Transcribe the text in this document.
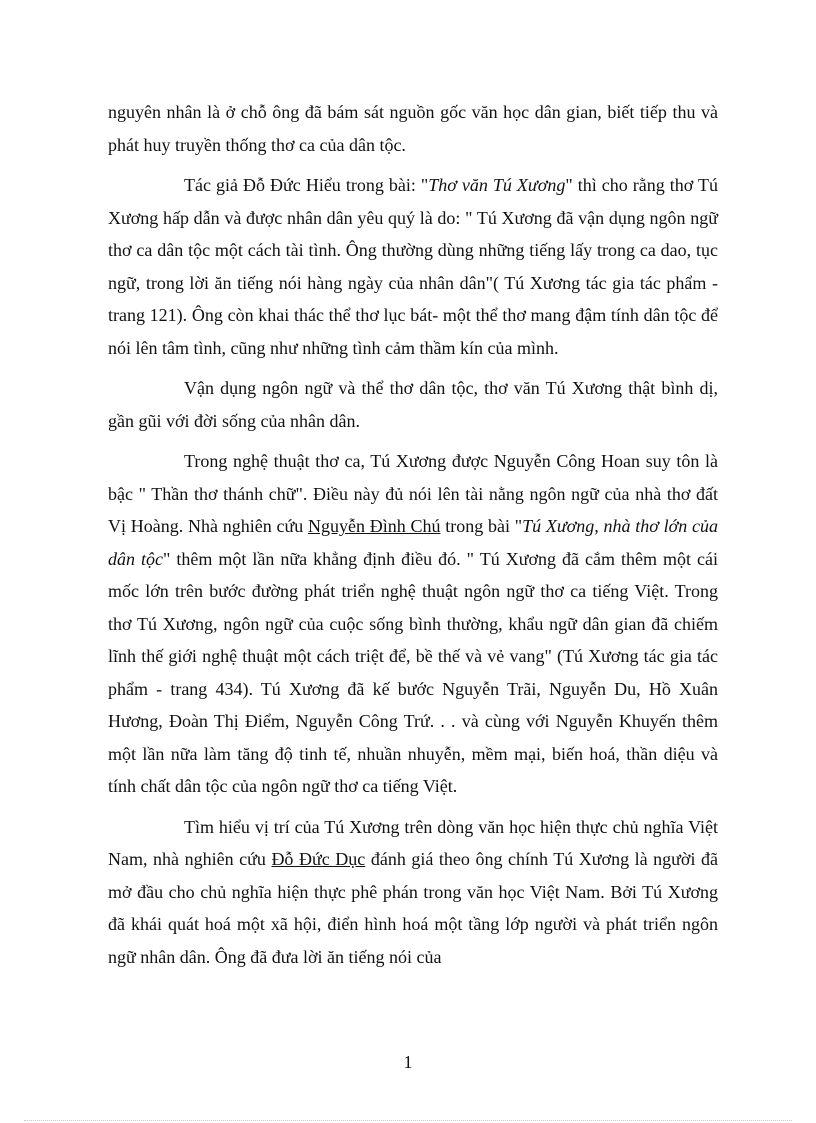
nguyên nhân là ở chỗ ông đã bám sát nguồn gốc văn học dân gian, biết tiếp thu và phát huy truyền thống thơ ca của dân tộc.

Tác giả Đỗ Đức Hiểu trong bài: "Thơ văn Tú Xương" thì cho rằng thơ Tú Xương hấp dẫn và được nhân dân yêu quý là do: " Tú Xương đã vận dụng ngôn ngữ thơ ca dân tộc một cách tài tình. Ông thường dùng những tiếng lấy trong ca dao, tục ngữ, trong lời ăn tiếng nói hàng ngày của nhân dân"( Tú Xương tác gia tác phẩm - trang 121). Ông còn khai thác thể thơ lục bát- một thể thơ mang đậm tính dân tộc để nói lên tâm tình, cũng như những tình cảm thầm kín của mình.

Vận dụng ngôn ngữ và thể thơ dân tộc, thơ văn Tú Xương thật bình dị, gần gũi với đời sống của nhân dân.

Trong nghệ thuật thơ ca, Tú Xương được Nguyễn Công Hoan suy tôn là bậc " Thần thơ thánh chữ". Điều này đủ nói lên tài nằng ngôn ngữ của nhà thơ đất Vị Hoàng. Nhà nghiên cứu Nguyễn Đình Chú trong bài "Tú Xương, nhà thơ lớn của dân tộc" thêm một lần nữa khẳng định điều đó. " Tú Xương đã cắm thêm một cái mốc lớn trên bước đường phát triển nghệ thuật ngôn ngữ thơ ca tiếng Việt. Trong thơ Tú Xương, ngôn ngữ của cuộc sống bình thường, khẩu ngữ dân gian đã chiếm lĩnh thế giới nghệ thuật một cách triệt để, bề thế và vẻ vang" (Tú Xương tác gia tác phẩm - trang 434). Tú Xương đã kế bước Nguyễn Trãi, Nguyễn Du, Hồ Xuân Hương, Đoàn Thị Điểm, Nguyễn Công Trứ. . . và cùng với Nguyễn Khuyến thêm một lần nữa làm tăng độ tinh tế, nhuần nhuyễn, mềm mại, biến hoá, thần diệu và tính chất dân tộc của ngôn ngữ thơ ca tiếng Việt.

Tìm hiểu vị trí của Tú Xương trên dòng văn học hiện thực chủ nghĩa Việt Nam, nhà nghiên cứu Đỗ Đức Dục đánh giá theo ông chính Tú Xương là người đã mở đầu cho chủ nghĩa hiện thực phê phán trong văn học Việt Nam. Bởi Tú Xương đã khái quát hoá một xã hội, điển hình hoá một tầng lớp người và phát triển ngôn ngữ nhân dân. Ông đã đưa lời ăn tiếng nói của

1
